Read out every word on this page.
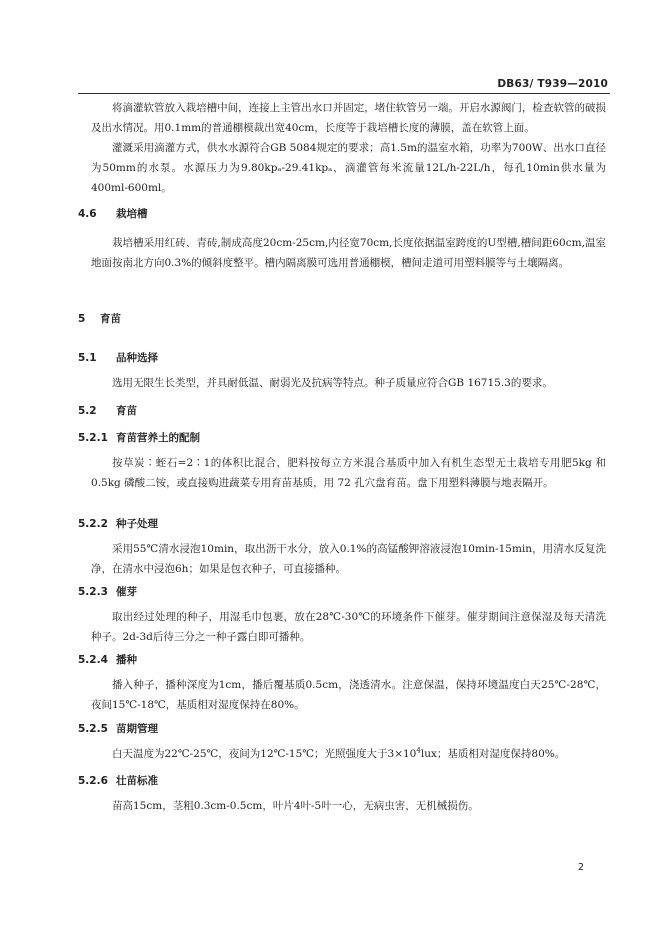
DB63/ T939—2010

将滴灌软管放入栽培槽中间，连接上主管出水口并固定，堵住软管另一端。开启水源阀门，检查软管的破损及出水情况。用0.1mm的普通棚模裁出宽40cm，长度等于栽培槽长度的薄膜，盖在软管上面。

灌溉采用滴灌方式，供水水源符合GB 5084规定的要求；高1.5m的温室水箱，功率为700W、出水口直径为50mm的水泵。水源压力为9.80kpₐ-29.41kpₐ，滴灌管每米流量12L/h-22L/h，每孔10min供水量为400ml-600ml。

4.6 栽培槽

栽培槽采用红砖、青砖,制成高度20cm-25cm,内径宽70cm,长度依据温室跨度的U型槽,槽间距60cm,温室地面按南北方向0.3%的倾斜度整平。槽内隔离膜可选用普通棚模，槽间走道可用塑料膜等与土壤隔离。

5 育苗
5.1 品种选择

选用无限生长类型，并具耐低温、耐弱光及抗病等特点。种子质量应符合GB 16715.3的要求。

5.2 育苗
5.2.1 育苗营养土的配制

按草炭∶蛭石=2∶1的体积比混合，肥料按每立方米混合基质中加入有机生态型无土栽培专用肥5kg 和 0.5kg 磷酸二铵，或直接购进蔬菜专用育苗基质，用 72 孔穴盘育苗。盘下用塑料薄膜与地表隔开。

5.2.2 种子处理

采用55℃清水浸泡10min，取出沥干水分，放入0.1%的高锰酸钾溶液浸泡10min-15min，用清水反复洗净，在清水中浸泡6h；如果是包衣种子，可直接播种。

5.2.3 催芽

取出经过处理的种子，用湿毛巾包裹，放在28℃-30℃的环境条件下催芽。催芽期间注意保湿及每天清洗种子。2d-3d后待三分之一种子露白即可播种。

5.2.4 播种

播入种子，播种深度为1cm，播后覆基质0.5cm，浇透清水。注意保温，保持环境温度白天25℃-28℃，夜间15℃-18℃，基质相对湿度保持在80%。

5.2.5 苗期管理

白天温度为22℃-25℃，夜间为12℃-15℃；光照强度大于$3\times 10^4lux$；基质相对湿度保持80%。

5.2.6 壮苗标准

苗高15cm，茎粗0.3cm-0.5cm，叶片4叶-5叶一心，无病虫害，无机械损伤。

2
